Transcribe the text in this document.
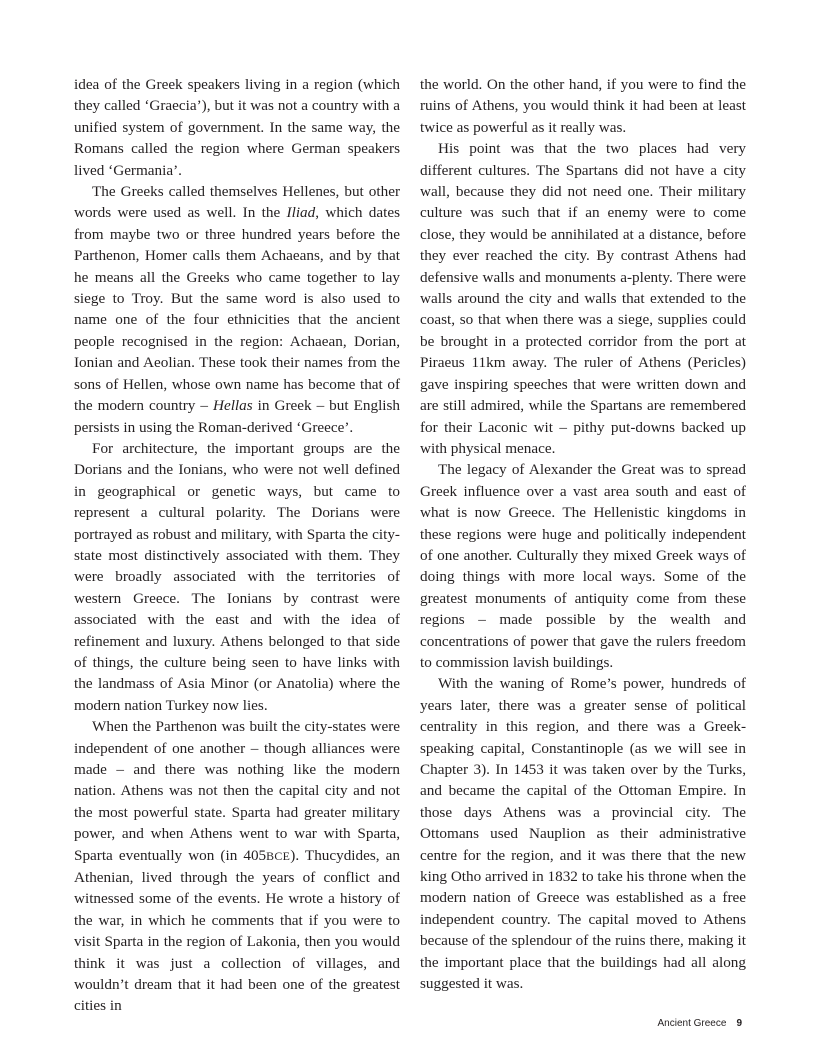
idea of the Greek speakers living in a region (which they called ‘Graecia’), but it was not a country with a unified system of government. In the same way, the Romans called the region where German speakers lived ‘Germania’.

The Greeks called themselves Hellenes, but other words were used as well. In the Iliad, which dates from maybe two or three hundred years before the Parthenon, Homer calls them Achaeans, and by that he means all the Greeks who came together to lay siege to Troy. But the same word is also used to name one of the four ethnicities that the ancient people recognised in the region: Achaean, Dorian, Ionian and Aeolian. These took their names from the sons of Hellen, whose own name has become that of the modern country – Hellas in Greek – but English persists in using the Roman-derived ‘Greece’.

For architecture, the important groups are the Dorians and the Ionians, who were not well defined in geographical or genetic ways, but came to represent a cultural polarity. The Dorians were portrayed as robust and military, with Sparta the city-state most distinctively associated with them. They were broadly associated with the territories of western Greece. The Ionians by contrast were associated with the east and with the idea of refinement and luxury. Athens belonged to that side of things, the culture being seen to have links with the landmass of Asia Minor (or Anatolia) where the modern nation Turkey now lies.

When the Parthenon was built the city-states were independent of one another – though alliances were made – and there was nothing like the modern nation. Athens was not then the capital city and not the most powerful state. Sparta had greater military power, and when Athens went to war with Sparta, Sparta eventually won (in 405BCE). Thucydides, an Athenian, lived through the years of conflict and witnessed some of the events. He wrote a history of the war, in which he comments that if you were to visit Sparta in the region of Lakonia, then you would think it was just a collection of villages, and wouldn’t dream that it had been one of the greatest cities in

the world. On the other hand, if you were to find the ruins of Athens, you would think it had been at least twice as powerful as it really was.

His point was that the two places had very different cultures. The Spartans did not have a city wall, because they did not need one. Their military culture was such that if an enemy were to come close, they would be annihilated at a distance, before they ever reached the city. By contrast Athens had defensive walls and monuments a-plenty. There were walls around the city and walls that extended to the coast, so that when there was a siege, supplies could be brought in a protected corridor from the port at Piraeus 11km away. The ruler of Athens (Pericles) gave inspiring speeches that were written down and are still admired, while the Spartans are remembered for their Laconic wit – pithy put-downs backed up with physical menace.

The legacy of Alexander the Great was to spread Greek influence over a vast area south and east of what is now Greece. The Hellenistic kingdoms in these regions were huge and politically independent of one another. Culturally they mixed Greek ways of doing things with more local ways. Some of the greatest monuments of antiquity come from these regions – made possible by the wealth and concentrations of power that gave the rulers freedom to commission lavish buildings.

With the waning of Rome’s power, hundreds of years later, there was a greater sense of political centrality in this region, and there was a Greek-speaking capital, Constantinople (as we will see in Chapter 3). In 1453 it was taken over by the Turks, and became the capital of the Ottoman Empire. In those days Athens was a provincial city. The Ottomans used Nauplion as their administrative centre for the region, and it was there that the new king Otho arrived in 1832 to take his throne when the modern nation of Greece was established as a free independent country. The capital moved to Athens because of the splendour of the ruins there, making it the important place that the buildings had all along suggested it was.

Ancient Greece 9
